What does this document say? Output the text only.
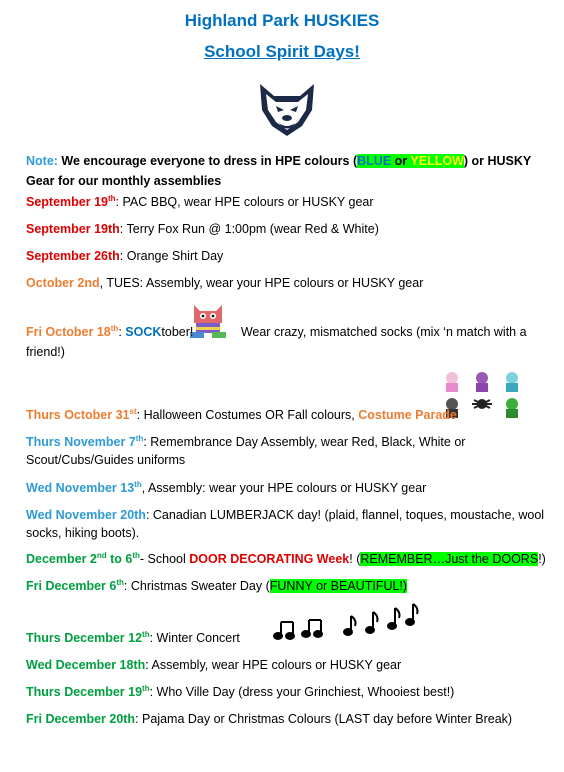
Highland Park HUSKIES
School Spirit Days!
Note: We encourage everyone to dress in HPE colours (BLUE or YELLOW) or HUSKY
Gear for our monthly assemblies
September 19th: PAC BBQ, wear HPE colours or HUSKY gear
September 19th: Terry Fox Run @ 1:00pm (wear Red & White)
September 26th: Orange Shirt Day
October 2nd, TUES: Assembly, wear your HPE colours or HUSKY gear
Fri October 18th: SOCKtober!	Wear crazy, mismatched socks (mix ‘n match with a
friend!)
Thurs October 31st: Halloween Costumes OR Fall colours, Costume Parade
Thurs November 7th: Remembrance Day Assembly, wear Red, Black, White or
Scout/Cubs/Guides uniforms
Wed November 13th, Assembly: wear your HPE colours or HUSKY gear
Wed November 20th: Canadian LUMBERJACK day! (plaid, flannel, toques, moustache, wool
socks, hiking boots).
December 2nd to 6th- School DOOR DECORATING Week! (REMEMBER…Just the DOORS!)
Fri December 6th: Christmas Sweater Day (FUNNY or BEAUTIFUL!)
Thurs December 12th: Winter Concert
Wed December 18th: Assembly, wear HPE colours or HUSKY gear
Thurs December 19th: Who Ville Day (dress your Grinchiest, Whooiest best!)
Fri December 20th: Pajama Day or Christmas Colours (LAST day before Winter Break)
